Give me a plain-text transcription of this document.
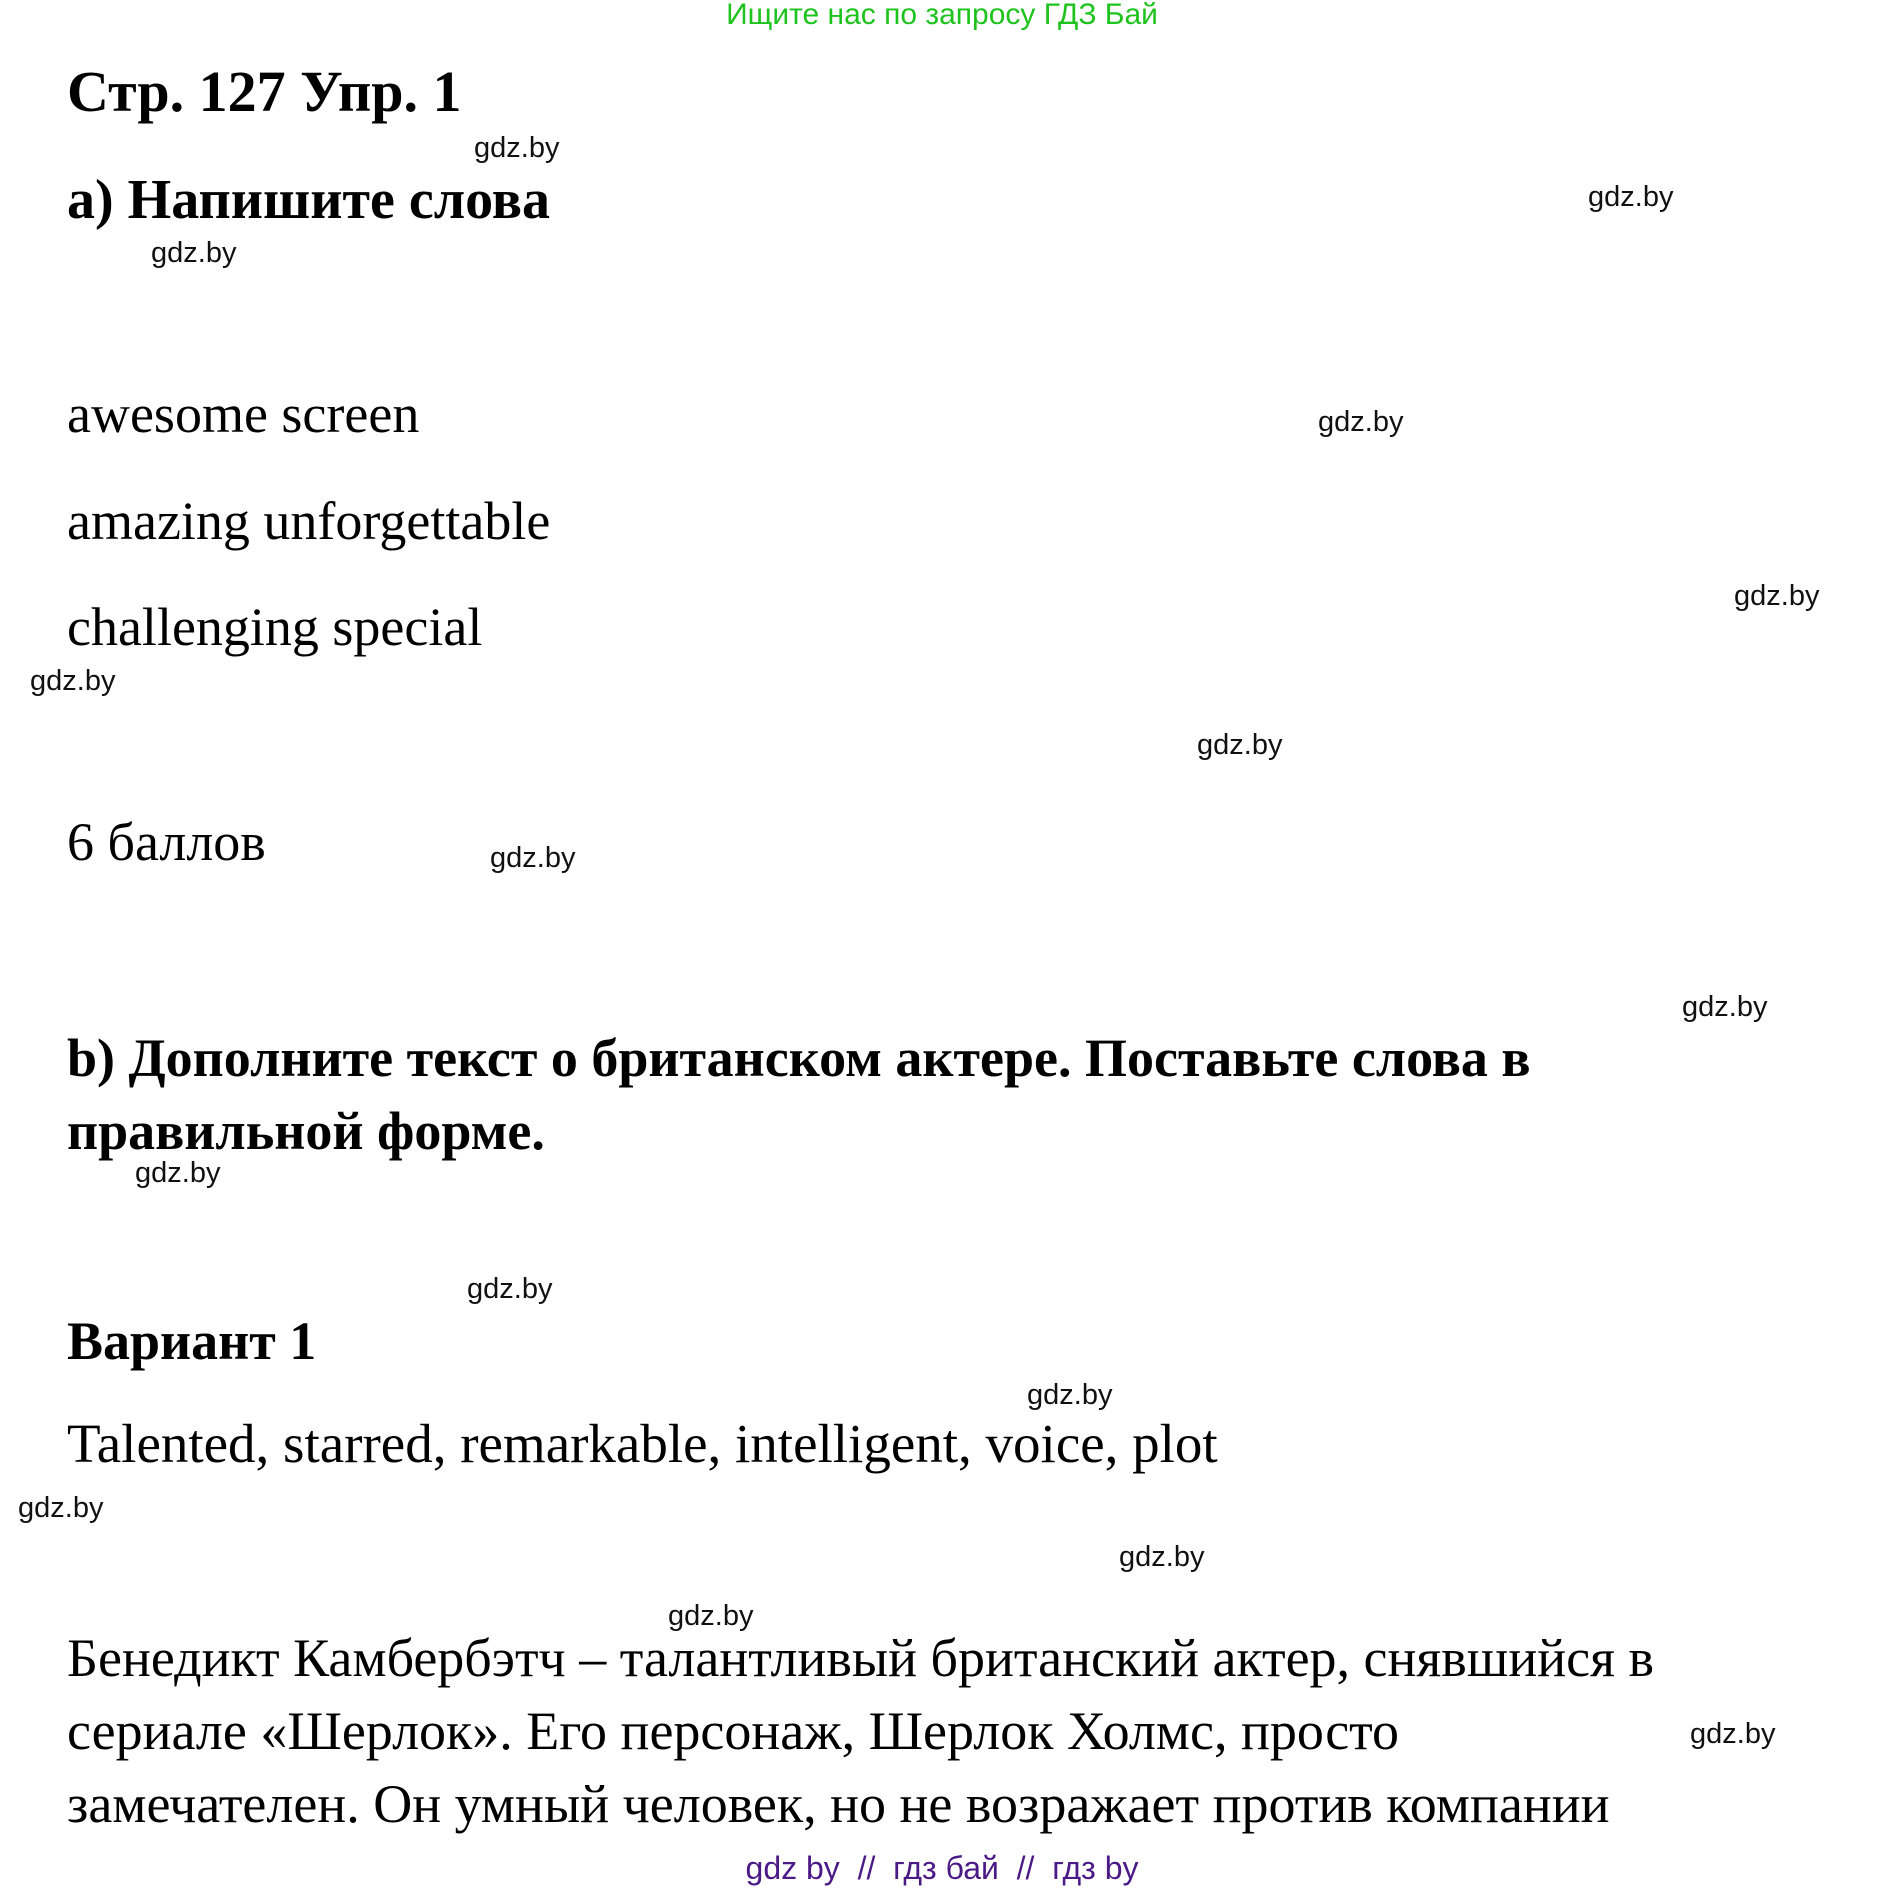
Ищите нас по запросу ГДЗ Бай
Стр. 127 Упр. 1
а) Напишите слова
awesome screen
amazing unforgettable
challenging special
6 баллов
b) Дополните текст о британском актере. Поставьте слова в
правильной форме.
Вариант 1
Talented, starred, remarkable, intelligent, voice, plot
Бенедикт Камбербэтч – талантливый британский актер, снявшийся в
сериале «Шерлок». Его персонаж, Шерлок Холмс, просто
замечателен. Он умный человек, но не возражает против компании
gdz.by
gdz.by
gdz.by
gdz.by
gdz.by
gdz.by
gdz.by
gdz.by
gdz.by
gdz.by
gdz.by
gdz.by
gdz.by
gdz.by
gdz.by
gdz.by
gdz by  //  гдз бай  //  гдз by
